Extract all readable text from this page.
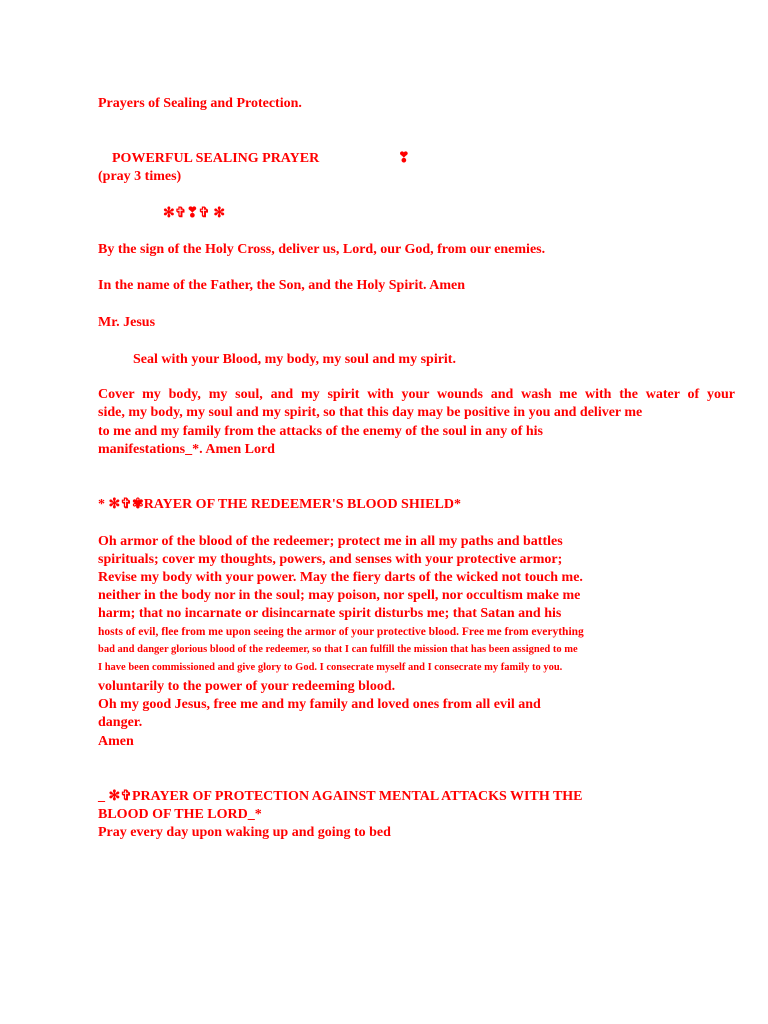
Prayers of Sealing and Protection.
POWERFUL SEALING PRAYER	❣
(pray 3 times)
✻✞❣✞ ✻
By the sign of the Holy Cross, deliver us, Lord, our God, from our enemies.
In the name of the Father, the Son, and the Holy Spirit. Amen
Mr. Jesus
Seal with your Blood, my body, my soul and my spirit.
Cover my body, my soul, and my spirit with your wounds and wash me with the water of your
side, my body, my soul and my spirit, so that this day may be positive in you and deliver me
to me and my family from the attacks of the enemy of the soul in any of his
manifestations_*. Amen Lord
* ✻✞✾RAYER OF THE REDEEMER'S BLOOD SHIELD*
Oh armor of the blood of the redeemer; protect me in all my paths and battles
spirituals; cover my thoughts, powers, and senses with your protective armor;
Revise my body with your power. May the fiery darts of the wicked not touch me.
neither in the body nor in the soul; may poison, nor spell, nor occultism make me
harm; that no incarnate or disincarnate spirit disturbs me; that Satan and his
hosts of evil, flee from me upon seeing the armor of your protective blood. Free me from everything
bad and danger glorious blood of the redeemer, so that I can fulfill the mission that has been assigned to me
I have been commissioned and give glory to God. I consecrate myself and I consecrate my family to you.
voluntarily to the power of your redeeming blood.
Oh my good Jesus, free me and my family and loved ones from all evil and
danger.
Amen
_ ✻✞PRAYER OF PROTECTION AGAINST MENTAL ATTACKS WITH THE
BLOOD OF THE LORD_*
Pray every day upon waking up and going to bed
